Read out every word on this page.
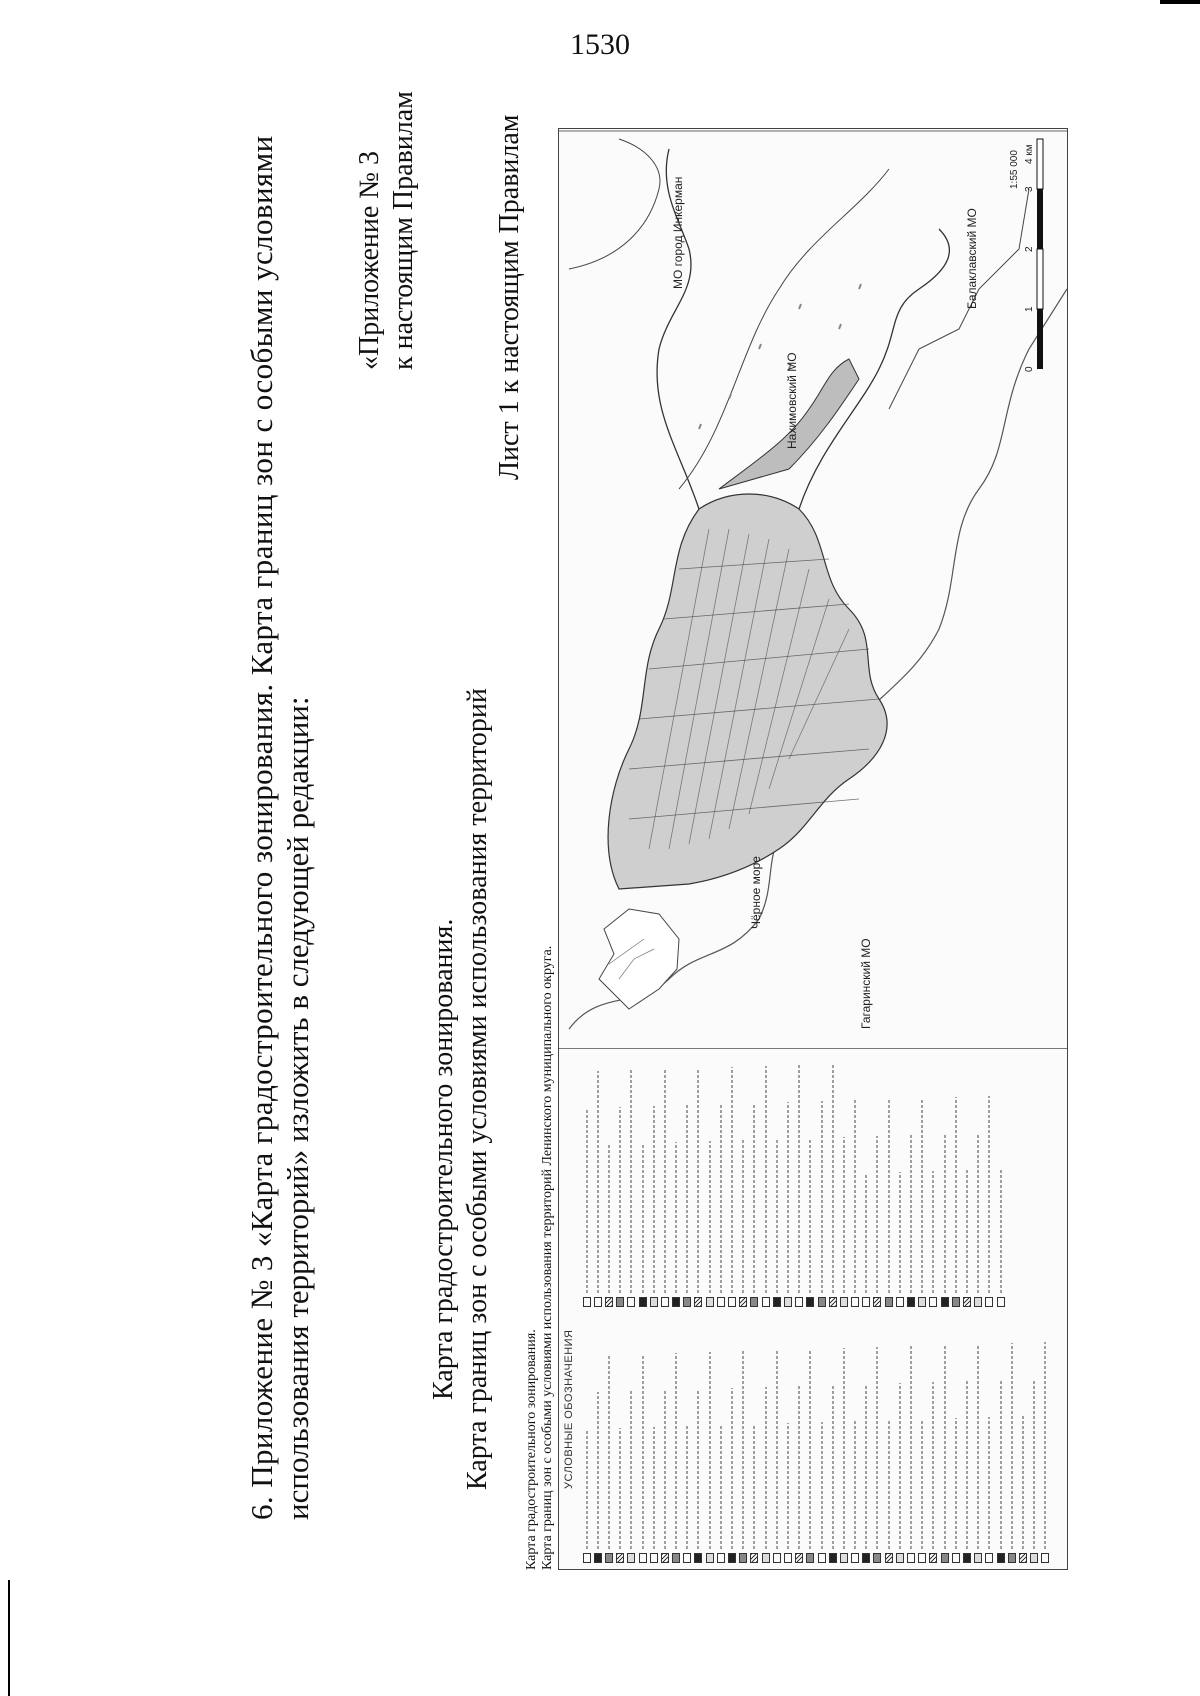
1530
6. Приложение № 3 «Карта градостроительного зонирования. Карта границ зон с особыми условиями использования территорий» изложить в следующей редакции:
«Приложение № 3 к настоящим Правилам
Карта градостроительного зонирования. Карта границ зон с особыми условиями использования территорий
Лист 1 к настоящим Правилам
Карта градостроительного зонирования. Карта границ зон с особыми условиями использования территорий Ленинского муниципального округа. УСЛОВНЫЕ ОБОЗНАЧЕНИЯ
Чёрное море
Гагаринский МО
Нахимовский МО
МО город Инкерман	Балаклавский МО
0
1
2
3
4 км
1:55 000
